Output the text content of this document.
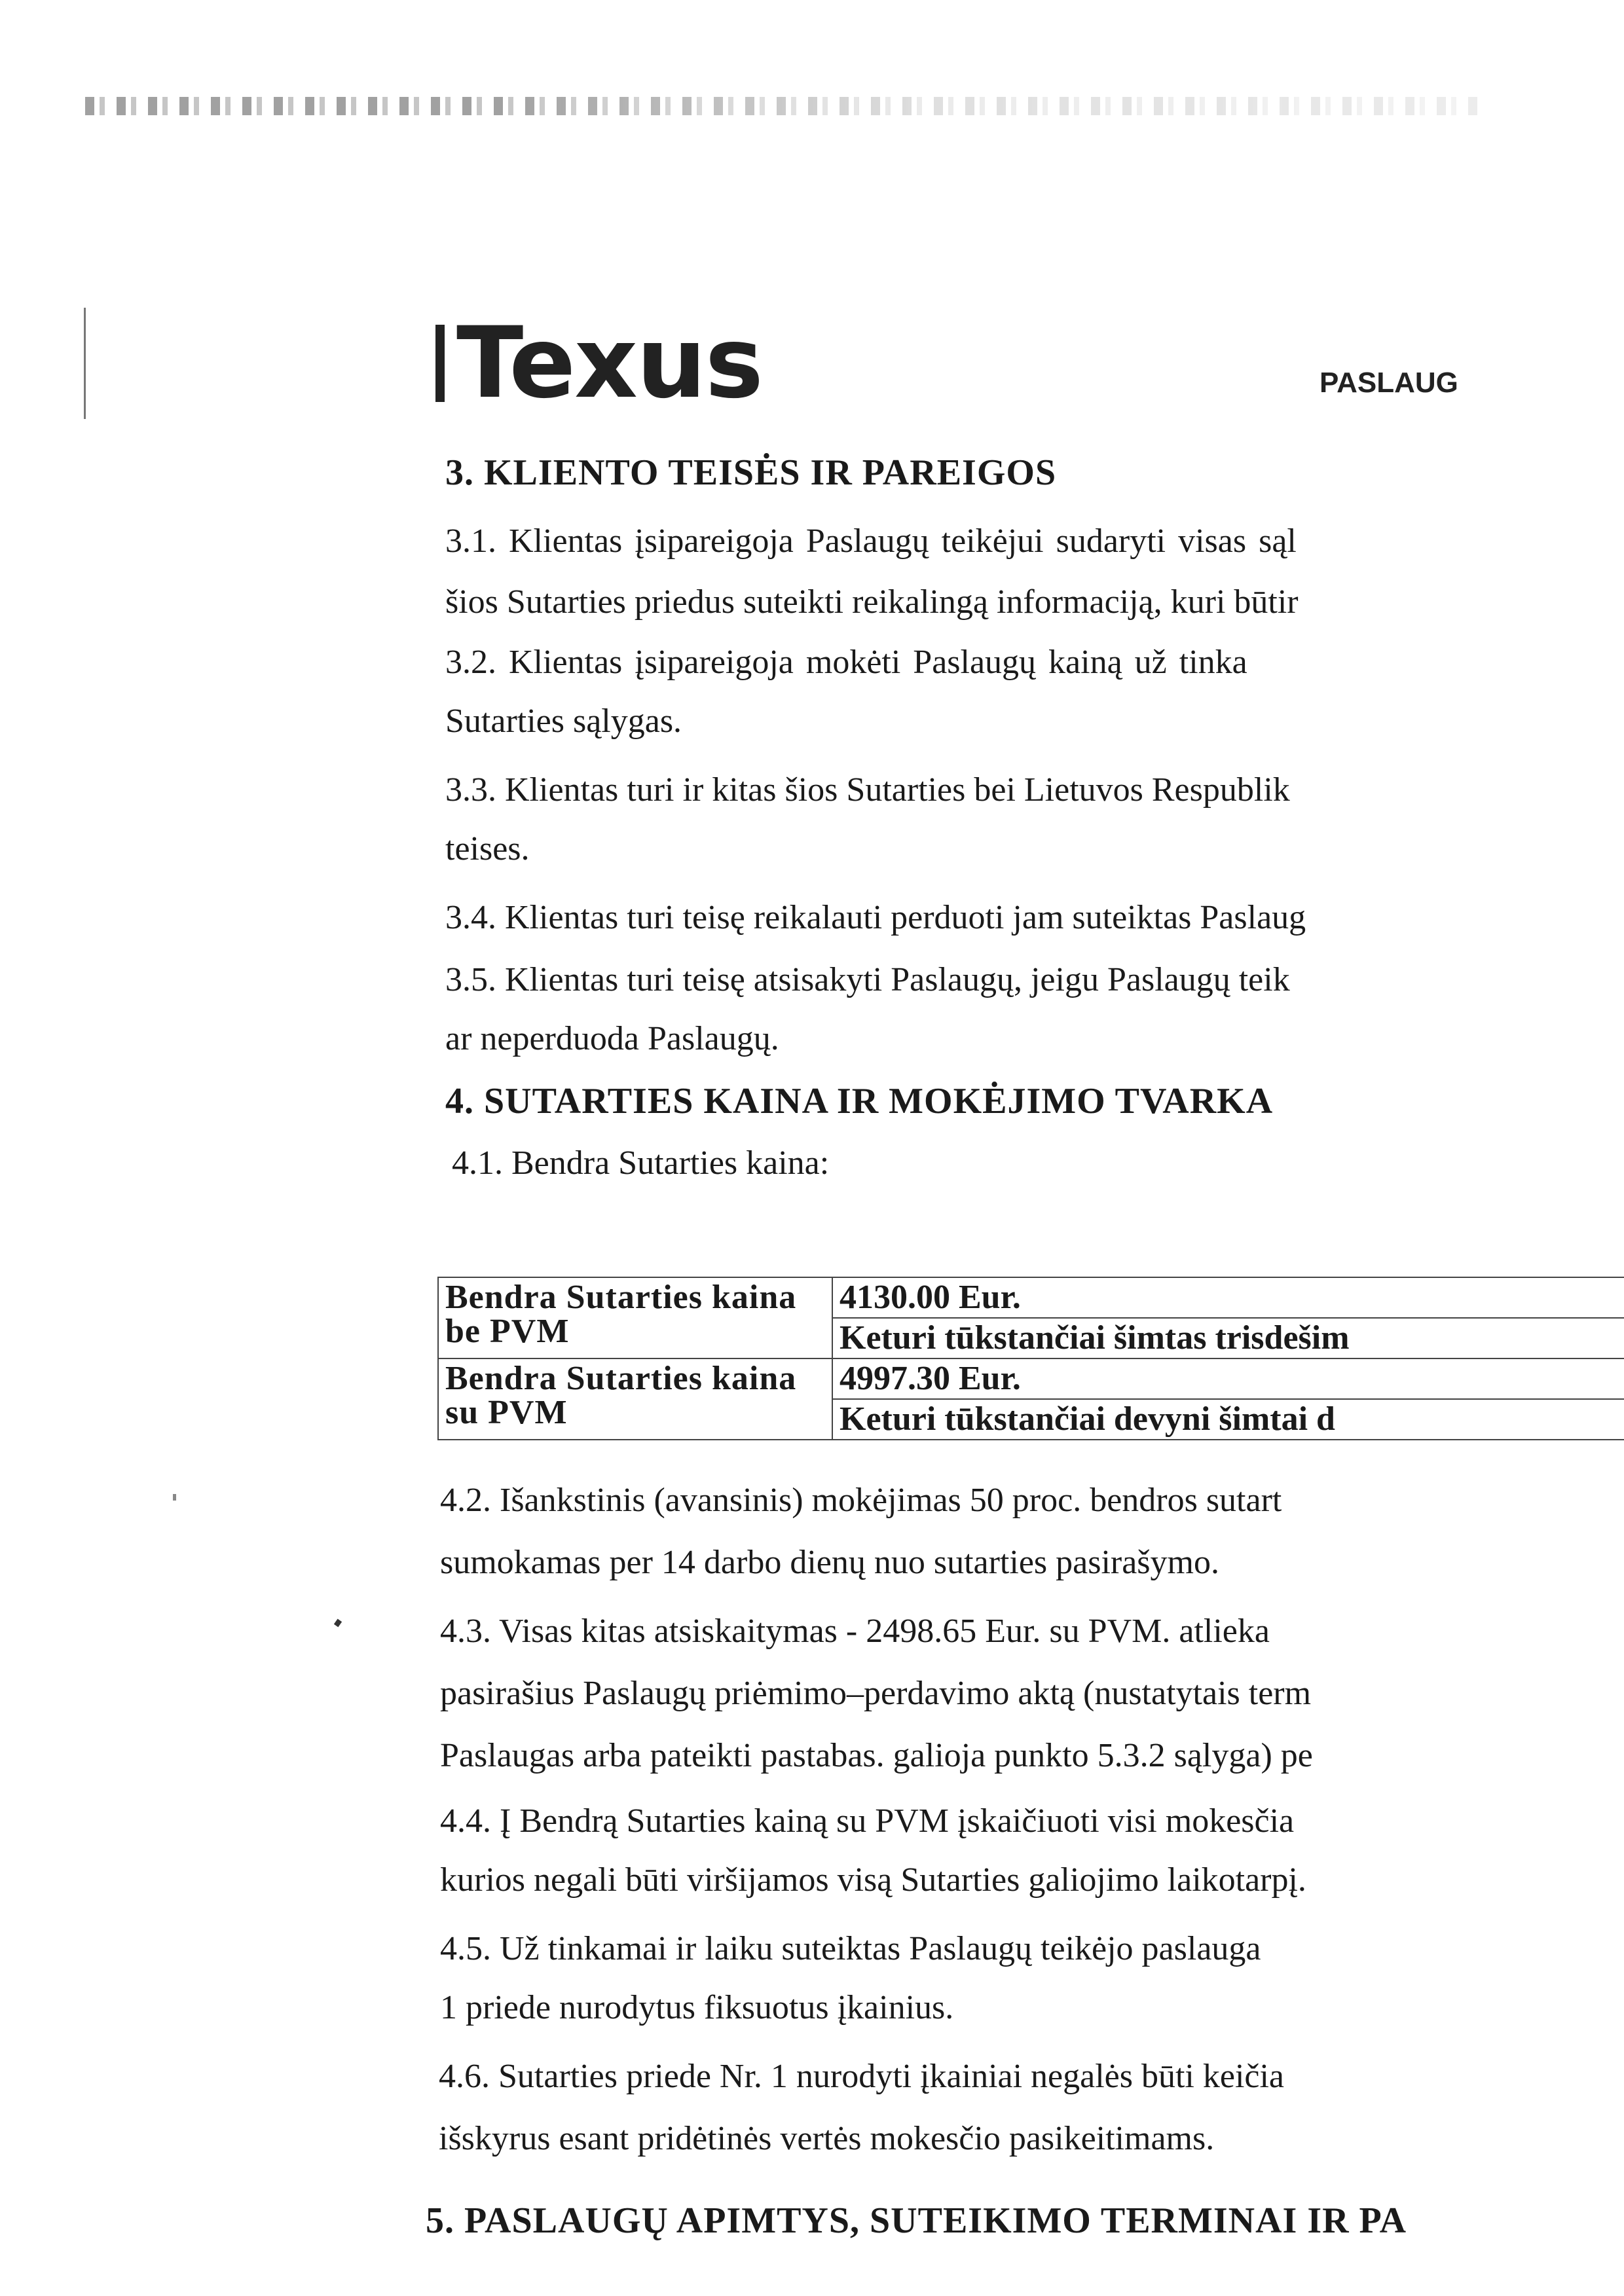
Texus	PASLAUG
3. KLIENTO TEISĖS IR PAREIGOS
3.1. Klientas įsipareigoja Paslaugų teikėjui sudaryti visas sąl
šios Sutarties priedus suteikti reikalingą informaciją, kuri būtir
3.2. Klientas įsipareigoja mokėti Paslaugų kainą už tinka
Sutarties sąlygas.
3.3. Klientas turi ir kitas šios Sutarties bei Lietuvos Respublik
teises.
3.4. Klientas turi teisę reikalauti perduoti jam suteiktas Paslaug
3.5. Klientas turi teisę atsisakyti Paslaugų, jeigu Paslaugų teik
ar neperduoda Paslaugų.
4. SUTARTIES KAINA IR MOKĖJIMO TVARKA
4.1. Bendra Sutarties kaina:
Bendra Sutarties kaina be PVM	4130.00 Eur.
	Keturi tūkstančiai šimtas trisdešim
Bendra Sutarties kaina su PVM	4997.30 Eur.
	Keturi tūkstančiai devyni šimtai d
4.2. Išankstinis (avansinis) mokėjimas 50 proc. bendros sutart
sumokamas per 14 darbo dienų nuo sutarties pasirašymo.
4.3. Visas kitas atsiskaitymas - 2498.65 Eur. su PVM. atlieka
pasirašius Paslaugų priėmimo–perdavimo aktą (nustatytais term
Paslaugas arba pateikti pastabas. galioja punkto 5.3.2 sąlyga) pe
4.4. Į Bendrą Sutarties kainą su PVM įskaičiuoti visi mokesčia
kurios negali būti viršijamos visą Sutarties galiojimo laikotarpį.
4.5. Už tinkamai ir laiku suteiktas Paslaugų teikėjo paslauga
1 priede nurodytus fiksuotus įkainius.
4.6. Sutarties priede Nr. 1 nurodyti įkainiai negalės būti keičia
išskyrus esant pridėtinės vertės mokesčio pasikeitimams.
5. PASLAUGŲ APIMTYS, SUTEIKIMO TERMINAI IR PA
